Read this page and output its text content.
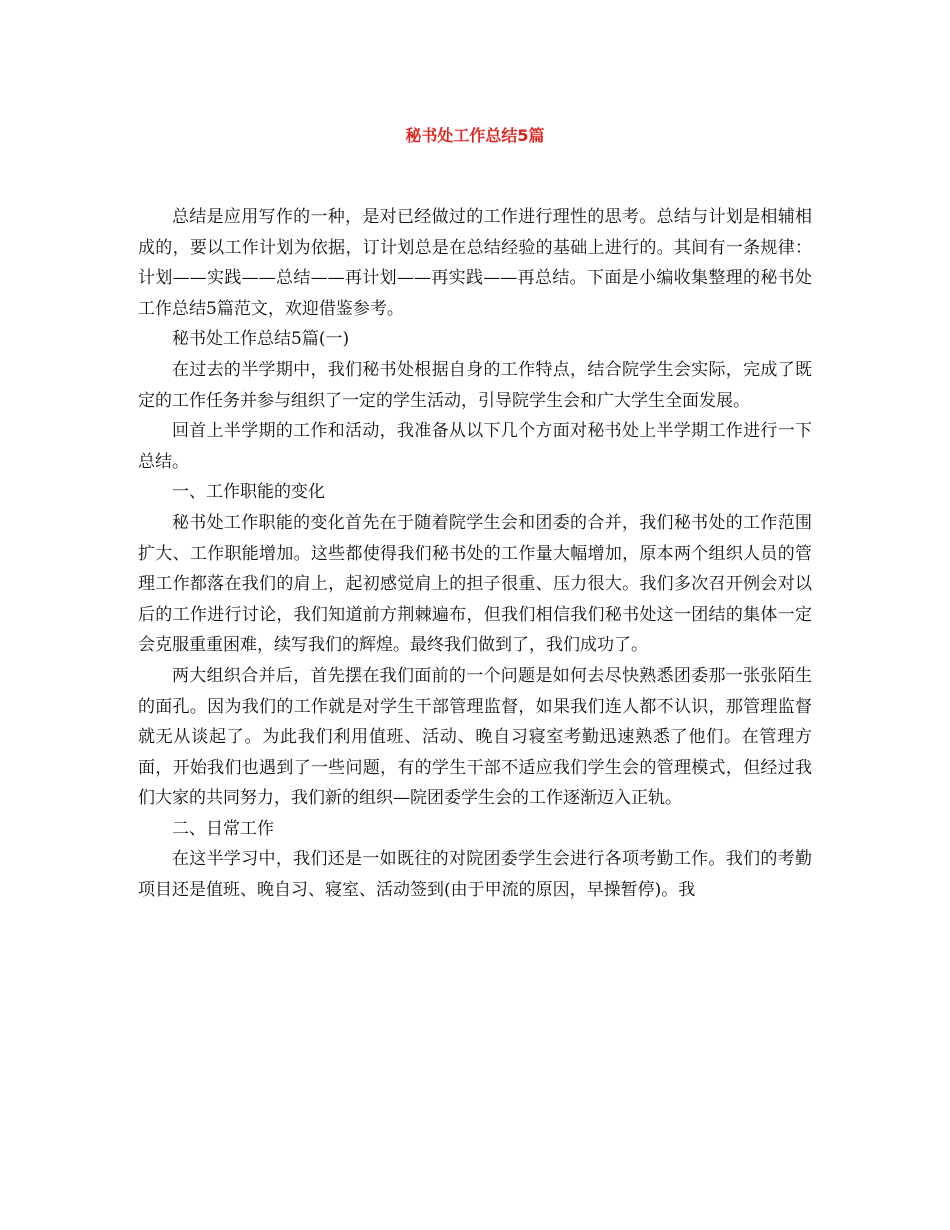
秘书处工作总结5篇

总结是应用写作的一种，是对已经做过的工作进行理性的思考。总结与计划是相辅相成的，要以工作计划为依据，订计划总是在总结经验的基础上进行的。其间有一条规律：计划——实践——总结——再计划——再实践——再总结。下面是小编收集整理的秘书处工作总结5篇范文，欢迎借鉴参考。

秘书处工作总结5篇(一)

在过去的半学期中，我们秘书处根据自身的工作特点，结合院学生会实际，完成了既定的工作任务并参与组织了一定的学生活动，引导院学生会和广大学生全面发展。

回首上半学期的工作和活动，我准备从以下几个方面对秘书处上半学期工作进行一下总结。

一、工作职能的变化

秘书处工作职能的变化首先在于随着院学生会和团委的合并，我们秘书处的工作范围扩大、工作职能增加。这些都使得我们秘书处的工作量大幅增加，原本两个组织人员的管理工作都落在我们的肩上，起初感觉肩上的担子很重、压力很大。我们多次召开例会对以后的工作进行讨论，我们知道前方荆棘遍布，但我们相信我们秘书处这一团结的集体一定会克服重重困难，续写我们的辉煌。最终我们做到了，我们成功了。

两大组织合并后，首先摆在我们面前的一个问题是如何去尽快熟悉团委那一张张陌生的面孔。因为我们的工作就是对学生干部管理监督，如果我们连人都不认识，那管理监督就无从谈起了。为此我们利用值班、活动、晚自习寝室考勤迅速熟悉了他们。在管理方面，开始我们也遇到了一些问题，有的学生干部不适应我们学生会的管理模式，但经过我们大家的共同努力，我们新的组织—院团委学生会的工作逐渐迈入正轨。

二、日常工作

在这半学习中，我们还是一如既往的对院团委学生会进行各项考勤工作。我们的考勤项目还是值班、晚自习、寝室、活动签到(由于甲流的原因，早操暂停)。我
